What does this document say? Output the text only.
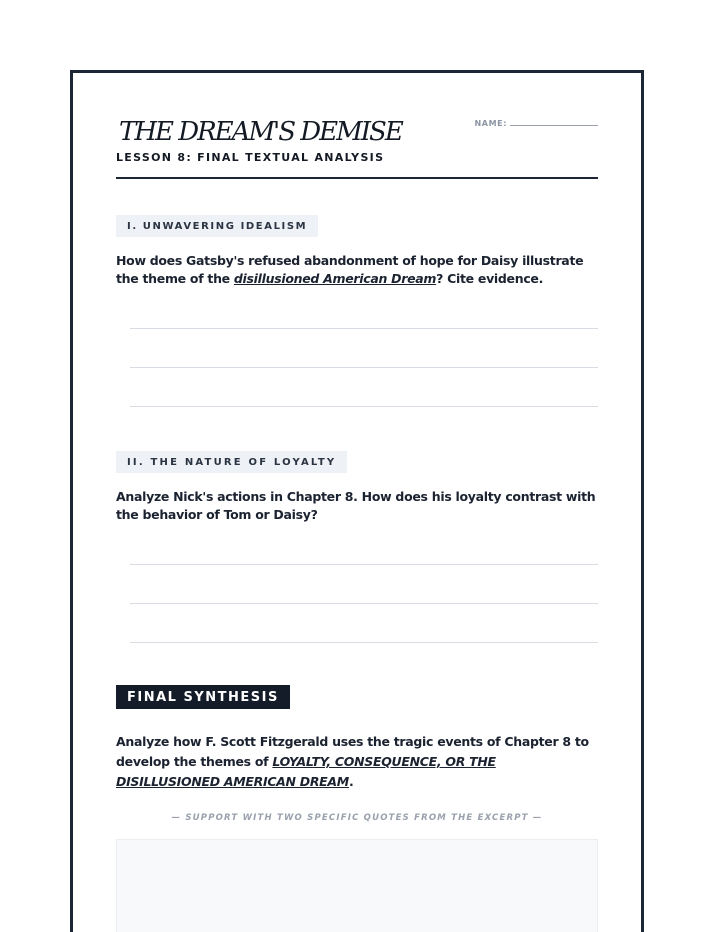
THE DREAM'S DEMISE
LESSON 8: FINAL TEXTUAL ANALYSIS
NAME:
I. UNWAVERING IDEALISM
How does Gatsby's refused abandonment of hope for Daisy illustrate the theme of the disillusioned American Dream? Cite evidence.
II. THE NATURE OF LOYALTY
Analyze Nick's actions in Chapter 8. How does his loyalty contrast with the behavior of Tom or Daisy?
FINAL SYNTHESIS
Analyze how F. Scott Fitzgerald uses the tragic events of Chapter 8 to develop the themes of LOYALTY, CONSEQUENCE, OR THE DISILLUSIONED AMERICAN DREAM.
— SUPPORT WITH TWO SPECIFIC QUOTES FROM THE EXCERPT —
